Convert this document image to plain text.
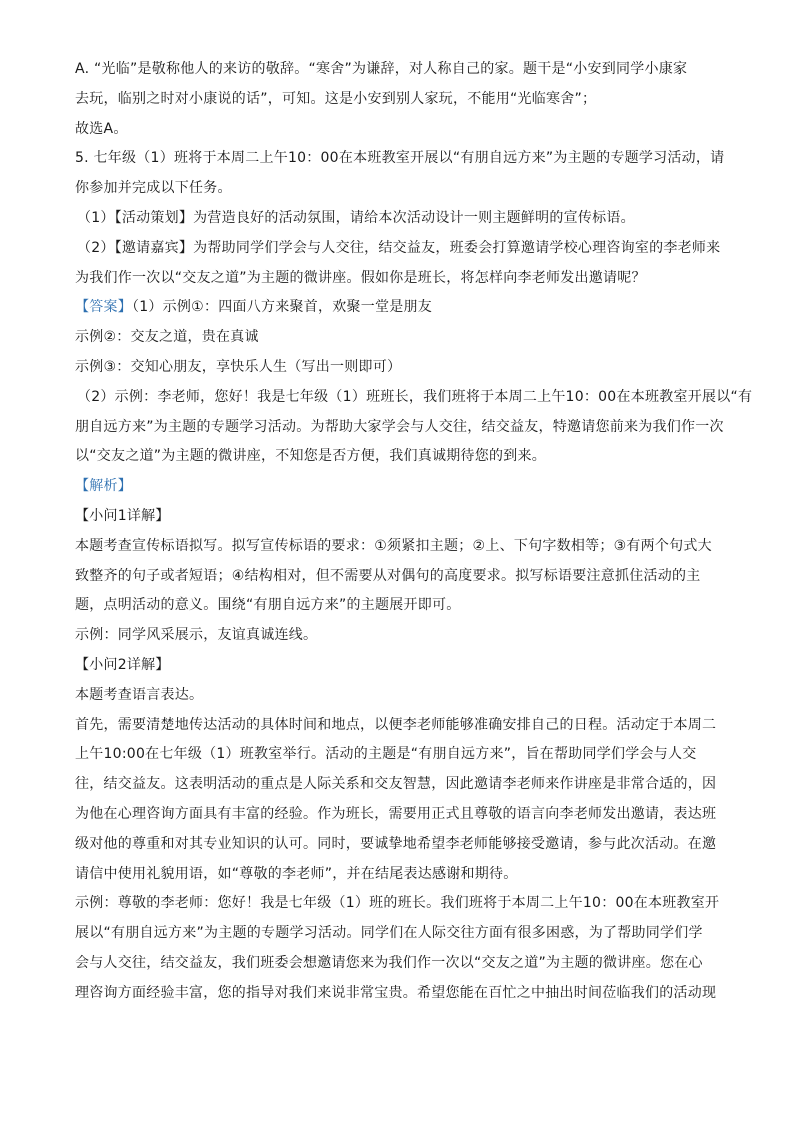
A. “光临”是敬称他人的来访的敬辞。“寒舍”为谦辞，对人称自己的家。题干是“小安到同学小康家
去玩，临别之时对小康说的话”，可知。这是小安到别人家玩，不能用“光临寒舍”；
故选A。
5. 七年级（1）班将于本周二上午10：00在本班教室开展以“有朋自远方来”为主题的专题学习活动，请
你参加并完成以下任务。
（1）【活动策划】为营造良好的活动氛围，请给本次活动设计一则主题鲜明的宣传标语。
（2）【邀请嘉宾】为帮助同学们学会与人交往，结交益友，班委会打算邀请学校心理咨询室的李老师来
为我们作一次以“交友之道”为主题的微讲座。假如你是班长，将怎样向李老师发出邀请呢？
【答案】（1）示例①：四面八方来聚首，欢聚一堂是朋友
示例②：交友之道，贵在真诚
示例③：交知心朋友，享快乐人生（写出一则即可）
（2）示例：李老师，您好！我是七年级（1）班班长，我们班将于本周二上午10：00在本班教室开展以“有
朋自远方来”为主题的专题学习活动。为帮助大家学会与人交往，结交益友，特邀请您前来为我们作一次
以“交友之道”为主题的微讲座，不知您是否方便，我们真诚期待您的到来。
【解析】
【小问1详解】
本题考查宣传标语拟写。拟写宣传标语的要求：①须紧扣主题；②上、下句字数相等；③有两个句式大
致整齐的句子或者短语；④结构相对，但不需要从对偶句的高度要求。拟写标语要注意抓住活动的主
题，点明活动的意义。围绕“有朋自远方来”的主题展开即可。
示例：同学风采展示，友谊真诚连线。
【小问2详解】
本题考查语言表达。
首先，需要清楚地传达活动的具体时间和地点，以便李老师能够准确安排自己的日程。活动定于本周二
上午10:00在七年级（1）班教室举行。活动的主题是“有朋自远方来”，旨在帮助同学们学会与人交
往，结交益友。这表明活动的重点是人际关系和交友智慧，因此邀请李老师来作讲座是非常合适的，因
为他在心理咨询方面具有丰富的经验。作为班长，需要用正式且尊敬的语言向李老师发出邀请，表达班
级对他的尊重和对其专业知识的认可。同时，要诚挚地希望李老师能够接受邀请，参与此次活动。在邀
请信中使用礼貌用语，如“尊敬的李老师”，并在结尾表达感谢和期待。
示例：尊敬的李老师：您好！我是七年级（1）班的班长。我们班将于本周二上午10：00在本班教室开
展以“有朋自远方来”为主题的专题学习活动。同学们在人际交往方面有很多困惑，为了帮助同学们学
会与人交往，结交益友，我们班委会想邀请您来为我们作一次以“交友之道”为主题的微讲座。您在心
理咨询方面经验丰富，您的指导对我们来说非常宝贵。希望您能在百忙之中抽出时间莅临我们的活动现
